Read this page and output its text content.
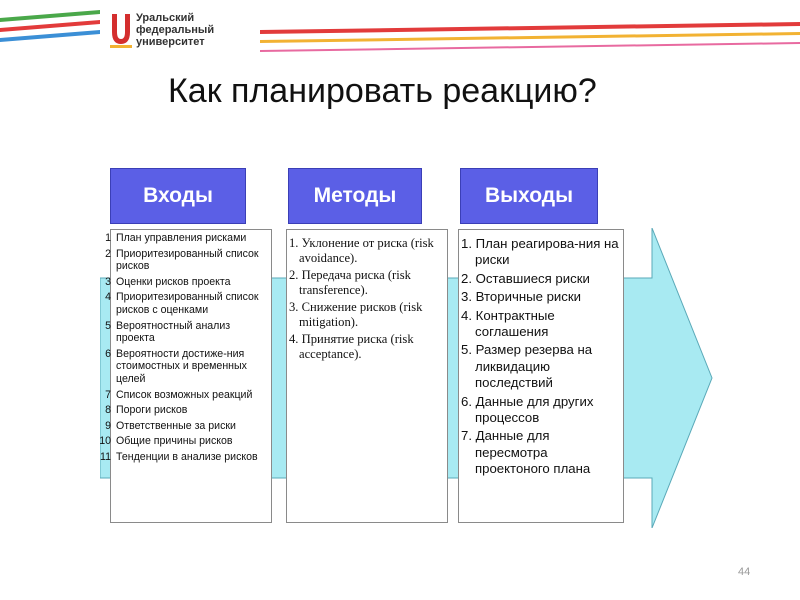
Уральский
федеральный
университет
Как планировать реакцию?
Входы	Методы	Выходы
1 План управления рисками
2 Приоритезированный список рисков
3 Оценки рисков проекта
4 Приоритезированный список рисков с оценками
5 Вероятностный анализ проекта
6 Вероятности достиже-ния стоимостных и временных целей
7 Список возможных реакций
8 Пороги рисков
9 Ответственные за риски
10 Общие причины рисков
11 Тенденции в анализе рисков
1. Уклонение от риска (risk avoidance).
2. Передача риска (risk transference).
3. Снижение рисков (risk mitigation).
4. Принятие риска (risk acceptance).
1. План реагирова-ния на риски
2. Оставшиеся риски
3. Вторичные риски
4. Контрактные соглашения
5. Размер резерва на ликвидацию последствий
6. Данные для других процессов
7. Данные для пересмотра проектоного плана
44
